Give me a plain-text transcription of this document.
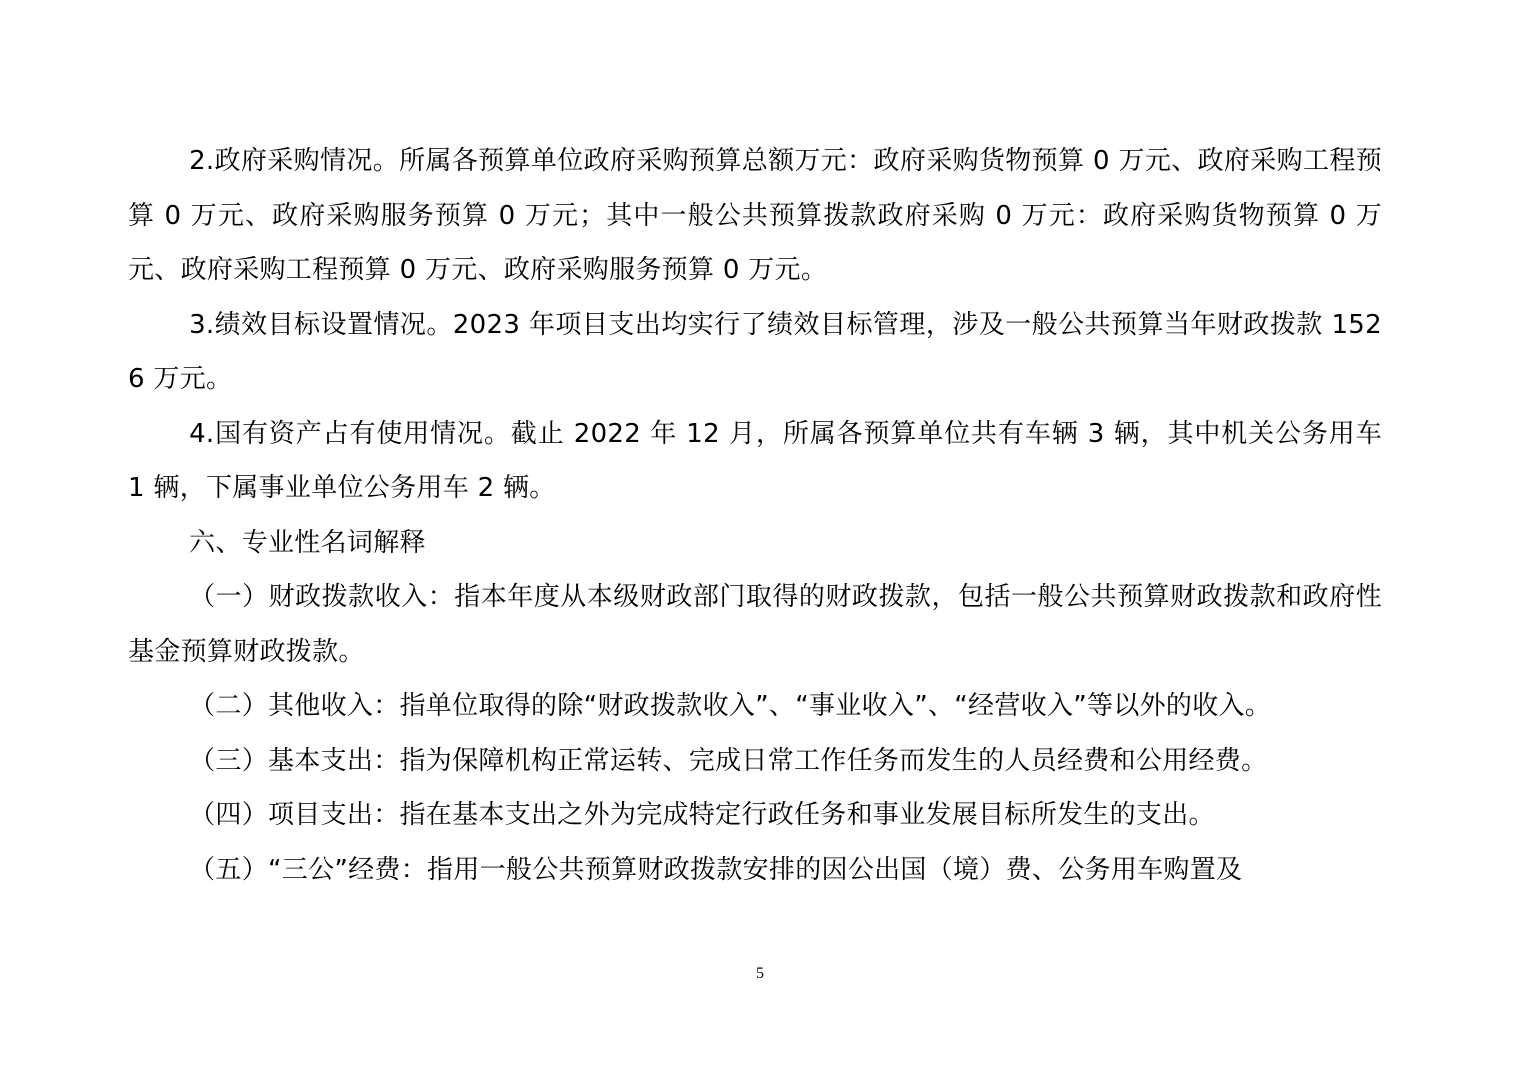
2.政府采购情况。所属各预算单位政府采购预算总额万元：政府采购货物预算 0 万元、政府采购工程预算 0 万元、政府采购服务预算 0 万元；其中一般公共预算拨款政府采购 0 万元：政府采购货物预算 0 万元、政府采购工程预算 0 万元、政府采购服务预算 0 万元。

3.绩效目标设置情况。2023 年项目支出均实行了绩效目标管理，涉及一般公共预算当年财政拨款 1526 万元。

4.国有资产占有使用情况。截止 2022 年 12 月，所属各预算单位共有车辆 3 辆，其中机关公务用车 1 辆，下属事业单位公务用车 2 辆。

六、专业性名词解释

（一）财政拨款收入：指本年度从本级财政部门取得的财政拨款，包括一般公共预算财政拨款和政府性基金预算财政拨款。

（二）其他收入：指单位取得的除“财政拨款收入”、“事业收入”、“经营收入”等以外的收入。

（三）基本支出：指为保障机构正常运转、完成日常工作任务而发生的人员经费和公用经费。

（四）项目支出：指在基本支出之外为完成特定行政任务和事业发展目标所发生的支出。

（五）“三公”经费：指用一般公共预算财政拨款安排的因公出国（境）费、公务用车购置及

5
